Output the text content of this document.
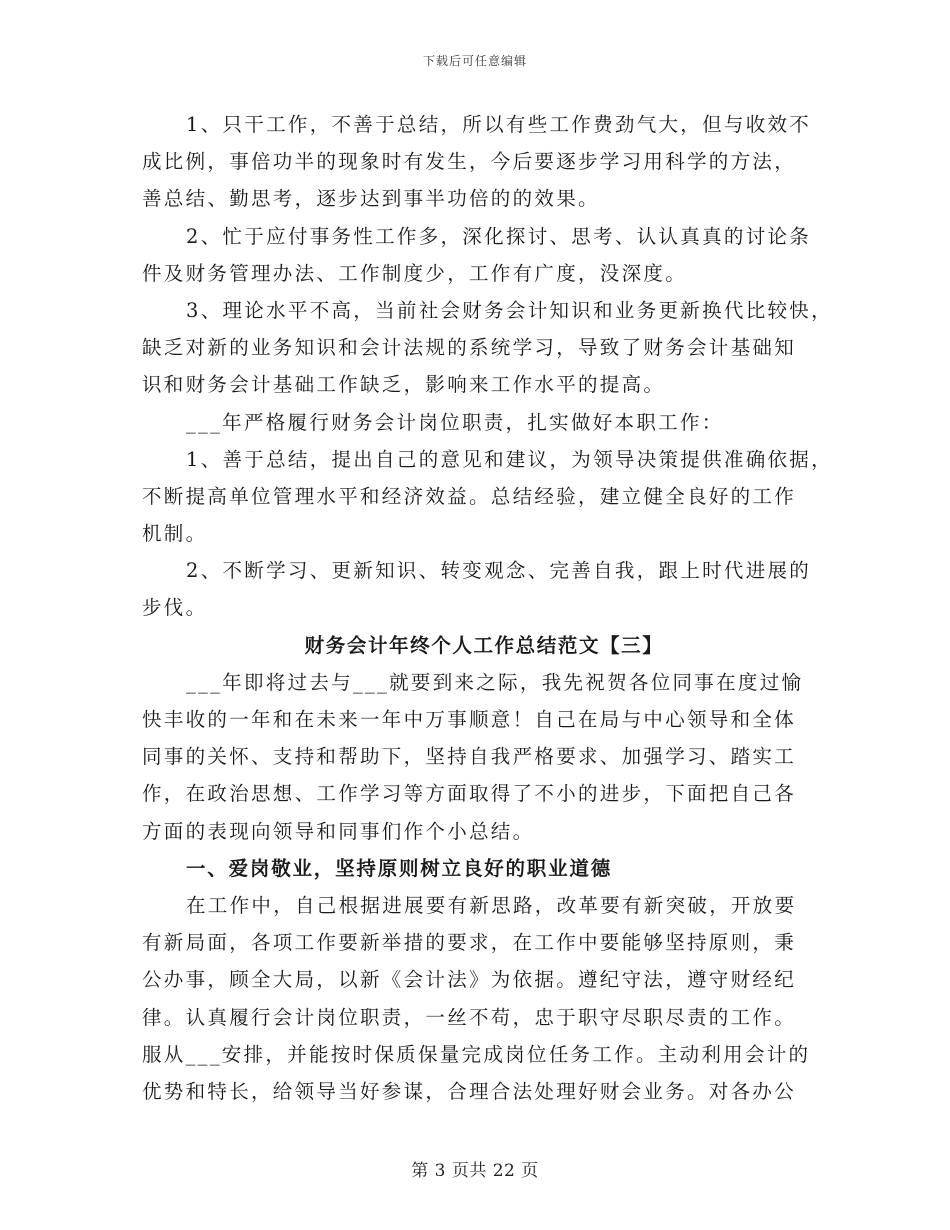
下载后可任意编辑
1、只干工作，不善于总结，所以有些工作费劲气大，但与收效不
成比例，事倍功半的现象时有发生，今后要逐步学习用科学的方法，
善总结、勤思考，逐步达到事半功倍的的效果。
2、忙于应付事务性工作多，深化探讨、思考、认认真真的讨论条
件及财务管理办法、工作制度少，工作有广度，没深度。
3、理论水平不高，当前社会财务会计知识和业务更新换代比较快，
缺乏对新的业务知识和会计法规的系统学习，导致了财务会计基础知
识和财务会计基础工作缺乏，影响来工作水平的提高。
___年严格履行财务会计岗位职责，扎实做好本职工作：
1、善于总结，提出自己的意见和建议，为领导决策提供准确依据，
不断提高单位管理水平和经济效益。总结经验，建立健全良好的工作
机制。
2、不断学习、更新知识、转变观念、完善自我，跟上时代进展的
步伐。
财务会计年终个人工作总结范文【三】
___年即将过去与___就要到来之际，我先祝贺各位同事在度过愉
快丰收的一年和在未来一年中万事顺意！自己在局与中心领导和全体
同事的关怀、支持和帮助下，坚持自我严格要求、加强学习、踏实工
作，在政治思想、工作学习等方面取得了不小的进步，下面把自己各
方面的表现向领导和同事们作个小总结。
一、爱岗敬业，坚持原则树立良好的职业道德
在工作中，自己根据进展要有新思路，改革要有新突破，开放要
有新局面，各项工作要新举措的要求，在工作中要能够坚持原则，秉
公办事，顾全大局，以新《会计法》为依据。遵纪守法，遵守财经纪
律。认真履行会计岗位职责，一丝不苟，忠于职守尽职尽责的工作。
服从___安排，并能按时保质保量完成岗位任务工作。主动利用会计的
优势和特长，给领导当好参谋，合理合法处理好财会业务。对各办公
第 3 页共 22 页
